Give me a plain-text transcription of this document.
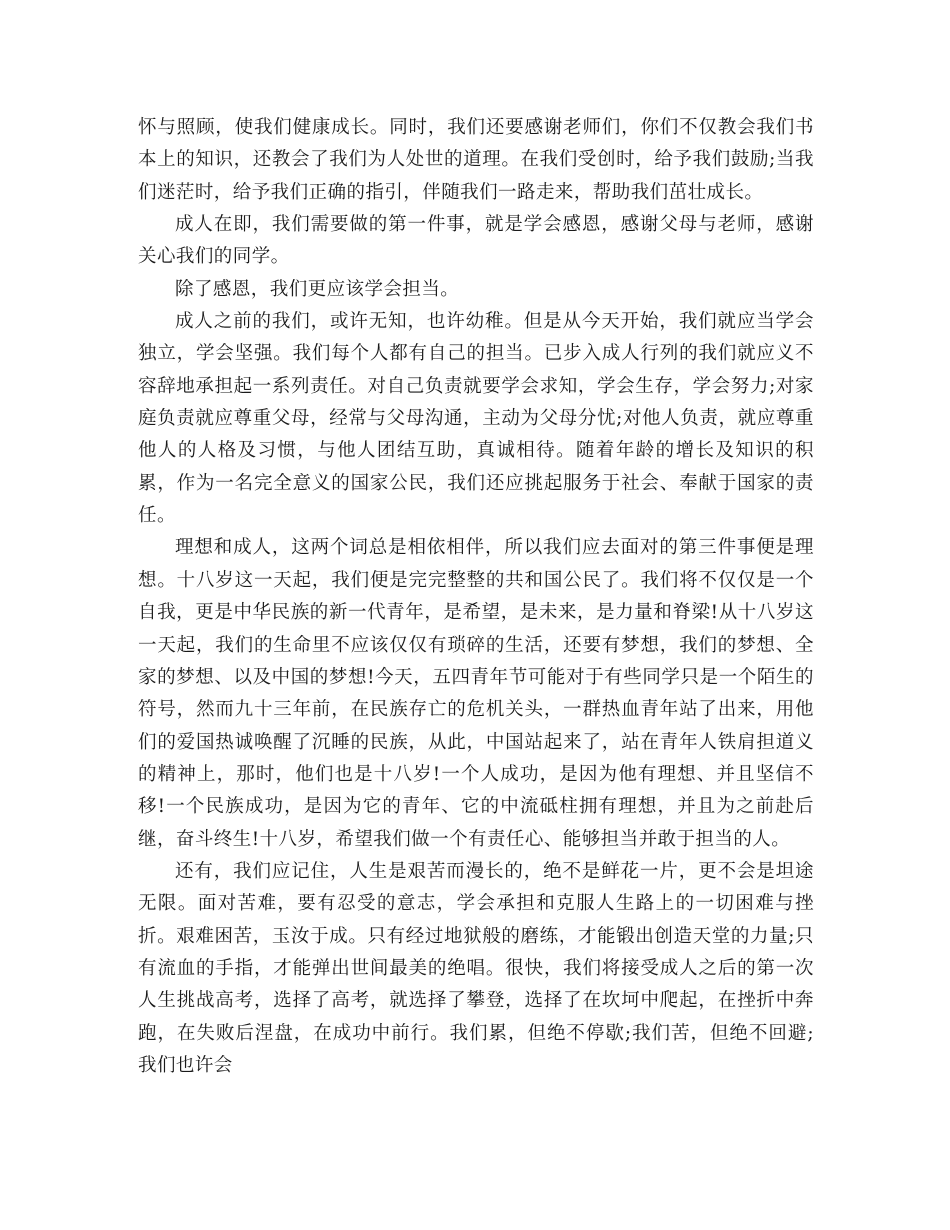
怀与照顾，使我们健康成长。同时，我们还要感谢老师们，你们不仅教会我们书本上的知识，还教会了我们为人处世的道理。在我们受创时，给予我们鼓励;当我们迷茫时，给予我们正确的指引，伴随我们一路走来，帮助我们茁壮成长。

成人在即，我们需要做的第一件事，就是学会感恩，感谢父母与老师，感谢关心我们的同学。

除了感恩，我们更应该学会担当。

成人之前的我们，或许无知，也许幼稚。但是从今天开始，我们就应当学会独立，学会坚强。我们每个人都有自己的担当。已步入成人行列的我们就应义不容辞地承担起一系列责任。对自己负责就要学会求知，学会生存，学会努力;对家庭负责就应尊重父母，经常与父母沟通，主动为父母分忧;对他人负责，就应尊重他人的人格及习惯，与他人团结互助，真诚相待。随着年龄的增长及知识的积累，作为一名完全意义的国家公民，我们还应挑起服务于社会、奉献于国家的责任。

理想和成人，这两个词总是相依相伴，所以我们应去面对的第三件事便是理想。十八岁这一天起，我们便是完完整整的共和国公民了。我们将不仅仅是一个自我，更是中华民族的新一代青年，是希望，是未来，是力量和脊梁!从十八岁这一天起，我们的生命里不应该仅仅有琐碎的生活，还要有梦想，我们的梦想、全家的梦想、以及中国的梦想!今天，五四青年节可能对于有些同学只是一个陌生的符号，然而九十三年前，在民族存亡的危机关头，一群热血青年站了出来，用他们的爱国热诚唤醒了沉睡的民族，从此，中国站起来了，站在青年人铁肩担道义的精神上，那时，他们也是十八岁!一个人成功，是因为他有理想、并且坚信不移!一个民族成功，是因为它的青年、它的中流砥柱拥有理想，并且为之前赴后继，奋斗终生!十八岁，希望我们做一个有责任心、能够担当并敢于担当的人。

还有，我们应记住，人生是艰苦而漫长的，绝不是鲜花一片，更不会是坦途无限。面对苦难，要有忍受的意志，学会承担和克服人生路上的一切困难与挫折。艰难困苦，玉汝于成。只有经过地狱般的磨练，才能锻出创造天堂的力量;只有流血的手指，才能弹出世间最美的绝唱。很快，我们将接受成人之后的第一次人生挑战高考，选择了高考，就选择了攀登，选择了在坎坷中爬起，在挫折中奔跑，在失败后涅盘，在成功中前行。我们累，但绝不停歇;我们苦，但绝不回避;我们也许会
